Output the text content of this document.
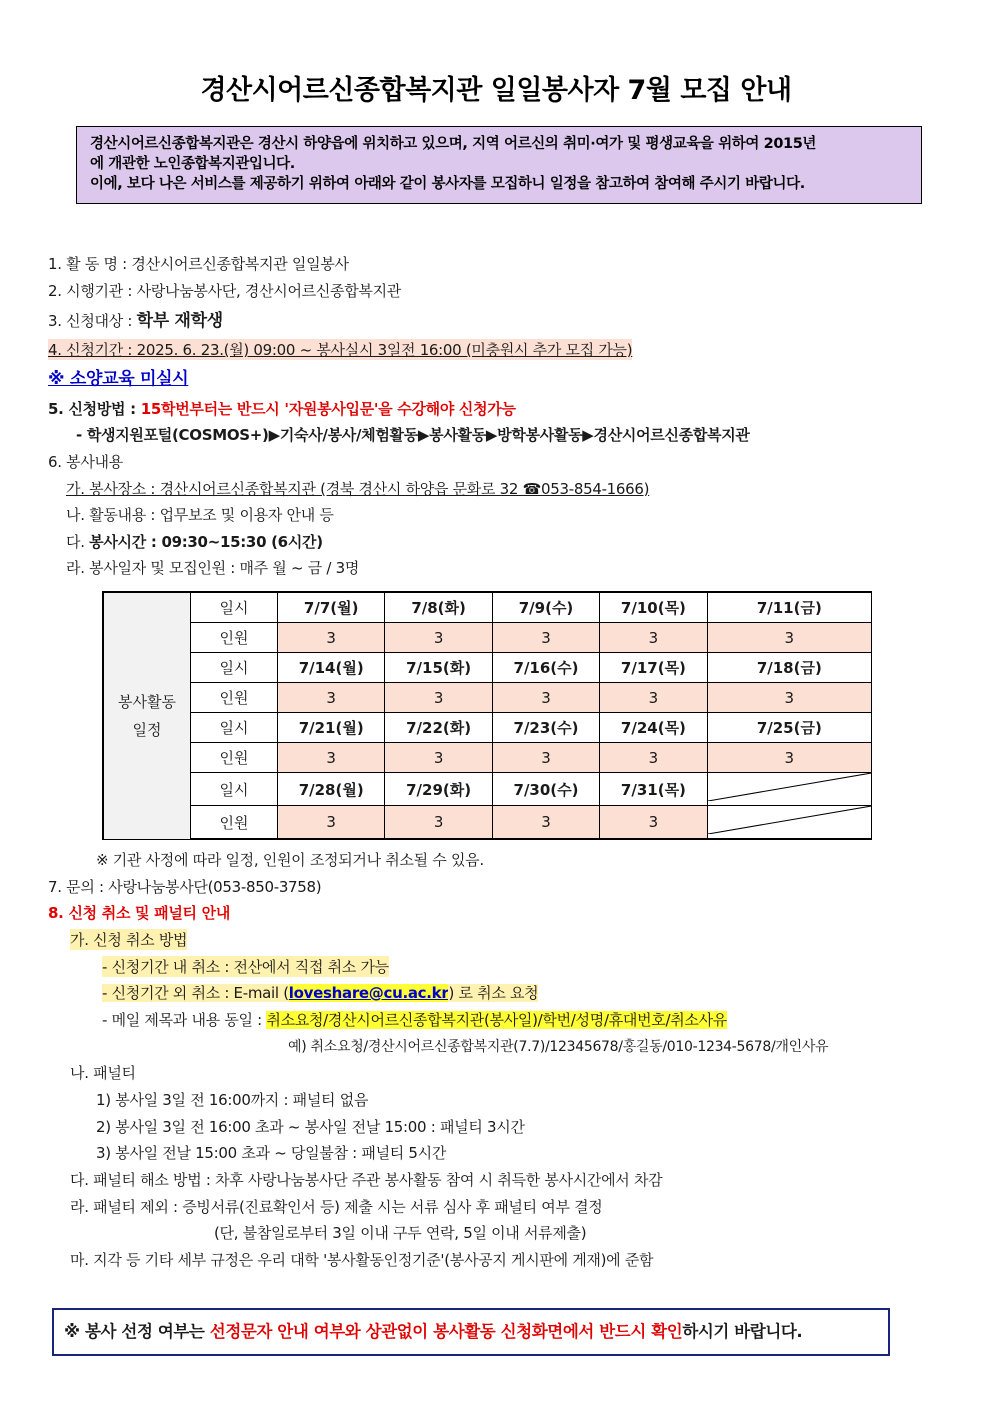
경산시어르신종합복지관 일일봉사자 7월 모집 안내
경산시어르신종합복지관은 경산시 하양읍에 위치하고 있으며, 지역 어르신의 취미·여가 및 평생교육을 위하여 2015년
에 개관한 노인종합복지관입니다.
이에, 보다 나은 서비스를 제공하기 위하여 아래와 같이 봉사자를 모집하니 일정을 참고하여 참여해 주시기 바랍니다.
1. 활 동 명 : 경산시어르신종합복지관 일일봉사
2. 시행기관 : 사랑나눔봉사단, 경산시어르신종합복지관
3. 신청대상 : 학부 재학생
4. 신청기간 : 2025. 6. 23.(월) 09:00 ~ 봉사실시 3일전 16:00 (미충원시 추가 모집 가능)
※ 소양교육 미실시
5. 신청방법 : 15학번부터는 반드시 '자원봉사입문'을 수강해야 신청가능
- 학생지원포털(COSMOS+)▶기숙사/봉사/체험활동▶봉사활동▶방학봉사활동▶경산시어르신종합복지관
6. 봉사내용
가. 봉사장소 : 경산시어르신종합복지관 (경북 경산시 하양읍 문화로 32 ☎053-854-1666)
나. 활동내용 : 업무보조 및 이용자 안내 등
다. 봉사시간 : 09:30~15:30 (6시간)
라. 봉사일자 및 모집인원 : 매주 월 ~ 금 / 3명
봉사활동
일정	일시	7/7(월)	7/8(화)	7/9(수)	7/10(목)	7/11(금)
	인원	3	3	3	3	3
	일시	7/14(월)	7/15(화)	7/16(수)	7/17(목)	7/18(금)
	인원	3	3	3	3	3
	일시	7/21(월)	7/22(화)	7/23(수)	7/24(목)	7/25(금)
	인원	3	3	3	3	3
	일시	7/28(월)	7/29(화)	7/30(수)	7/31(목)	
	인원	3	3	3	3	
※ 기관 사정에 따라 일정, 인원이 조정되거나 취소될 수 있음.
7. 문의 : 사랑나눔봉사단(053-850-3758)
8. 신청 취소 및 패널티 안내
가. 신청 취소 방법
- 신청기간 내 취소 : 전산에서 직접 취소 가능
- 신청기간 외 취소 : E-mail (loveshare@cu.ac.kr) 로 취소 요청
- 메일 제목과 내용 동일 : 취소요청/경산시어르신종합복지관(봉사일)/학번/성명/휴대번호/취소사유
예) 취소요청/경산시어르신종합복지관(7.7)/12345678/홍길동/010-1234-5678/개인사유
나. 패널티
1) 봉사일 3일 전 16:00까지 : 패널티 없음
2) 봉사일 3일 전 16:00 초과 ~ 봉사일 전날 15:00 : 패널티 3시간
3) 봉사일 전날 15:00 초과 ~ 당일불참 : 패널티 5시간
다. 패널티 해소 방법 : 차후 사랑나눔봉사단 주관 봉사활동 참여 시 취득한 봉사시간에서 차감
라. 패널티 제외 : 증빙서류(진료확인서 등) 제출 시는 서류 심사 후 패널티 여부 결정
(단, 불참일로부터 3일 이내 구두 연락, 5일 이내 서류제출)
마. 지각 등 기타 세부 규정은 우리 대학 '봉사활동인정기준'(봉사공지 게시판에 게재)에 준함
※ 봉사 선정 여부는 선정문자 안내 여부와 상관없이 봉사활동 신청화면에서 반드시 확인하시기 바랍니다.
